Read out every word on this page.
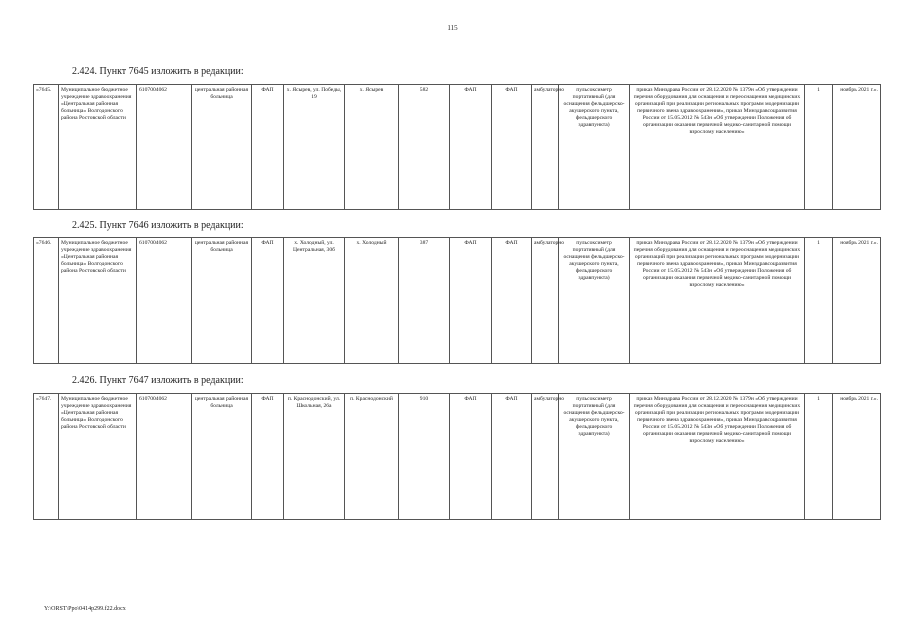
115
2.424. Пункт 7645 изложить в редакции:
«7645.	Муниципальное бюджетное учреждение здравоохранения «Центральная районная больница» Волгодонского района Ростовской области	6107004062	центральная районная больница	ФАП	х. Ясырев, ул. Победы, 19	х. Ясырев	582	ФАП	ФАП	амбулаторно	пульсоксиметр портативный (для оснащения фельдшерско-акушерского пункта, фельдшерского здравпункта)	приказ Минздрава России от 28.12.2020 № 1379н «Об утверждении перечня оборудования для оснащения и переоснащения медицинских организаций при реализации региональных программ модернизации первичного звена здравоохранения», приказ Минздравсоцразвития России от 15.05.2012 № 543н «Об утверждении Положения об организации оказания первичной медико-санитарной помощи взрослому населению»	1	ноябрь 2021 г.».
2.425. Пункт 7646 изложить в редакции:
«7646.	Муниципальное бюджетное учреждение здравоохранения «Центральная районная больница» Волгодонского района Ростовской области	6107004062	центральная районная больница	ФАП	х. Холодный, ул. Центральная, 30б	х. Холодный	387	ФАП	ФАП	амбулаторно	пульсоксиметр портативный (для оснащения фельдшерско-акушерского пункта, фельдшерского здравпункта)	приказ Минздрава России от 28.12.2020 № 1379н «Об утверждении перечня оборудования для оснащения и переоснащения медицинских организаций при реализации региональных программ модернизации первичного звена здравоохранения», приказ Минздравсоцразвития России от 15.05.2012 № 543н «Об утверждении Положения об организации оказания первичной медико-санитарной помощи взрослому населению»	1	ноябрь 2021 г.».
2.426. Пункт 7647 изложить в редакции:
«7647.	Муниципальное бюджетное учреждение здравоохранения «Центральная районная больница» Волгодонского района Ростовской области	6107004062	центральная районная больница	ФАП	п. Краснодонский, ул. Школьная, 26а	п. Краснодонский	910	ФАП	ФАП	амбулаторно	пульсоксиметр портативный (для оснащения фельдшерско-акушерского пункта, фельдшерского здравпункта)	приказ Минздрава России от 28.12.2020 № 1379н «Об утверждении перечня оборудования для оснащения и переоснащения медицинских организаций при реализации региональных программ модернизации первичного звена здравоохранения», приказ Минздравсоцразвития России от 15.05.2012 № 543н «Об утверждении Положения об организации оказания первичной медико-санитарной помощи взрослому населению»	1	ноябрь 2021 г.».
Y:\ORST\Ppo\0414p299.f22.docx
